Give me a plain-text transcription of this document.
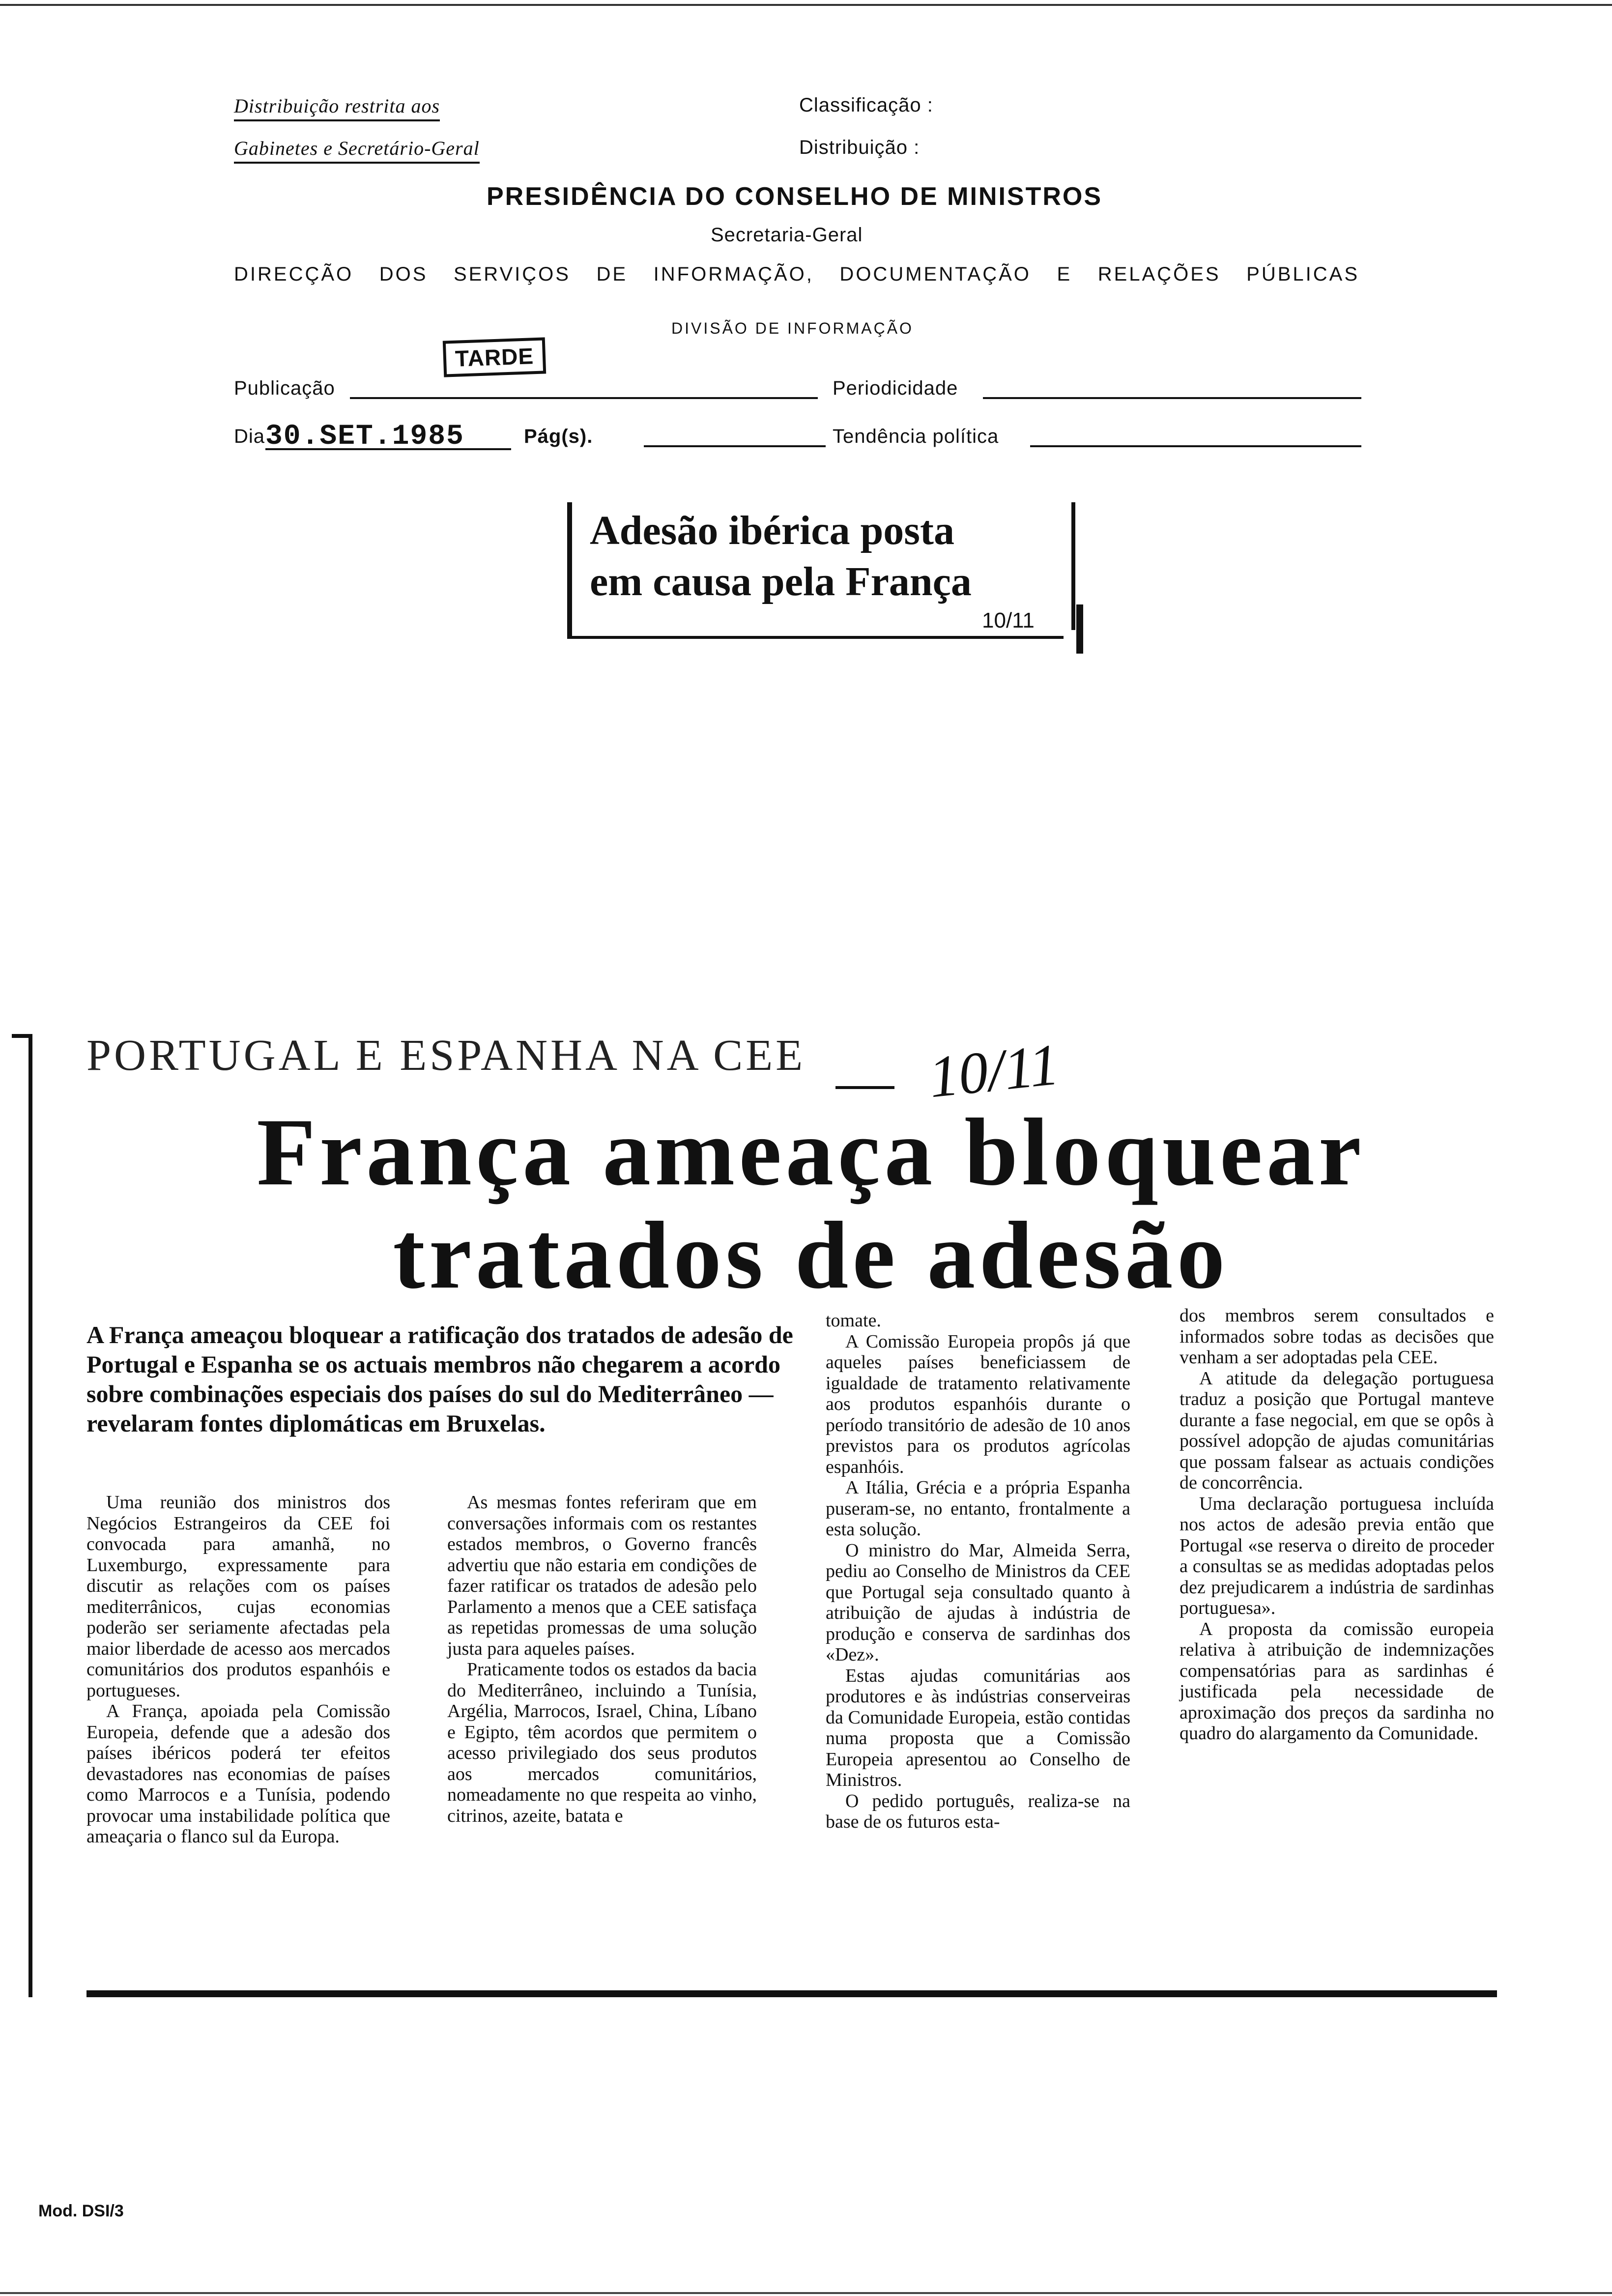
Distribuição restrita aos
Gabinetes e Secretário-Geral
Classificação :
Distribuição :
PRESIDÊNCIA DO CONSELHO DE MINISTROS
Secretaria-Geral
DIRECÇÃO DOS SERVIÇOS DE INFORMAÇÃO, DOCUMENTAÇÃO E RELAÇÕES PÚBLICAS
DIVISÃO DE INFORMAÇÃO
Publicação
TARDE
Periodicidade
Dia 30.SET.1985	Pág(s).	Tendência política
Adesão ibérica posta
em causa pela França
10/11
PORTUGAL E ESPANHA NA CEE 10/11
França ameaça bloquear
tratados de adesão
A França ameaçou bloquear a ratificação dos tratados de adesão de Portugal e Espanha se os actuais membros não chegarem a acordo sobre combinações especiais dos países do sul do Mediterrâneo — revelaram fontes diplomáticas em Bruxelas.

Uma reunião dos ministros dos Negócios Estrangeiros da CEE foi convocada para amanhã, no Luxemburgo, expressamente para discutir as relações com os países mediterrânicos, cujas economias poderão ser seriamente afectadas pela maior liberdade de acesso aos mercados comunitários dos produtos espanhóis e portugueses.

A França, apoiada pela Comissão Europeia, defende que a adesão dos países ibéricos poderá ter efeitos devastadores nas economias de países como Marrocos e a Tunísia, podendo provocar uma instabilidade política que ameaçaria o flanco sul da Europa.

As mesmas fontes referiram que em conversações informais com os restantes estados membros, o Governo francês advertiu que não estaria em condições de fazer ratificar os tratados de adesão pelo Parlamento a menos que a CEE satisfaça as repetidas promessas de uma solução justa para aqueles países.

Praticamente todos os estados da bacia do Mediterrâneo, incluindo a Tunísia, Argélia, Marrocos, Israel, China, Líbano e Egipto, têm acordos que permitem o acesso privilegiado dos seus produtos aos mercados comunitários, nomeadamente no que respeita ao vinho, citrinos, azeite, batata e

tomate.

A Comissão Europeia propôs já que aqueles países beneficiassem de igualdade de tratamento relativamente aos produtos espanhóis durante o período transitório de adesão de 10 anos previstos para os produtos agrícolas espanhóis.

A Itália, Grécia e a própria Espanha puseram-se, no entanto, frontalmente a esta solução.

O ministro do Mar, Almeida Serra, pediu ao Conselho de Ministros da CEE que Portugal seja consultado quanto à atribuição de ajudas à indústria de produção e conserva de sardinhas dos «Dez».

Estas ajudas comunitárias aos produtores e às indústrias conserveiras da Comunidade Europeia, estão contidas numa proposta que a Comissão Europeia apresentou ao Conselho de Ministros.

O pedido português, realiza-se na base de os futuros esta-

dos membros serem consultados e informados sobre todas as decisões que venham a ser adoptadas pela CEE.

A atitude da delegação portuguesa traduz a posição que Portugal manteve durante a fase negocial, em que se opôs à possível adopção de ajudas comunitárias que possam falsear as actuais condições de concorrência.

Uma declaração portuguesa incluída nos actos de adesão previa então que Portugal «se reserva o direito de proceder a consultas se as medidas adoptadas pelos dez prejudicarem a indústria de sardinhas portuguesa».

A proposta da comissão europeia relativa à atribuição de indemnizações compensatórias para as sardinhas é justificada pela necessidade de aproximação dos preços da sardinha no quadro do alargamento da Comunidade.

Mod. DSI/3
